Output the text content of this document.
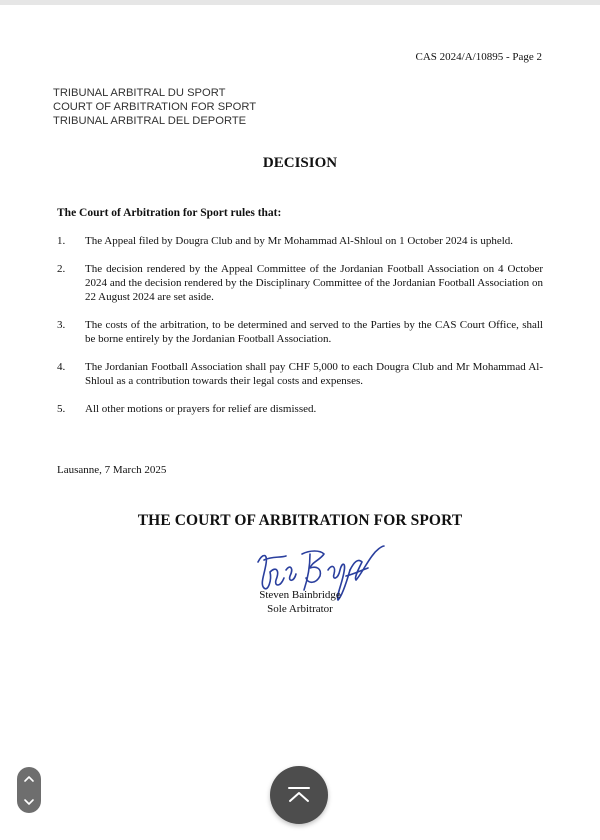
CAS 2024/A/10895 - Page 2
TRIBUNAL ARBITRAL DU SPORT
COURT OF ARBITRATION FOR SPORT
TRIBUNAL ARBITRAL DEL DEPORTE
DECISION
The Court of Arbitration for Sport rules that:
1.	The Appeal filed by Dougra Club and by Mr Mohammad Al-Shloul on 1 October 2024 is upheld.
2.	The decision rendered by the Appeal Committee of the Jordanian Football Association on 4 October 2024 and the decision rendered by the Disciplinary Committee of the Jordanian Football Association on 22 August 2024 are set aside.
3.	The costs of the arbitration, to be determined and served to the Parties by the CAS Court Office, shall be borne entirely by the Jordanian Football Association.
4.	The Jordanian Football Association shall pay CHF 5,000 to each Dougra Club and Mr Mohammad Al-Shloul as a contribution towards their legal costs and expenses.
5.	All other motions or prayers for relief are dismissed.
Lausanne, 7 March 2025
THE COURT OF ARBITRATION FOR SPORT
Steven Bainbridge
Sole Arbitrator
